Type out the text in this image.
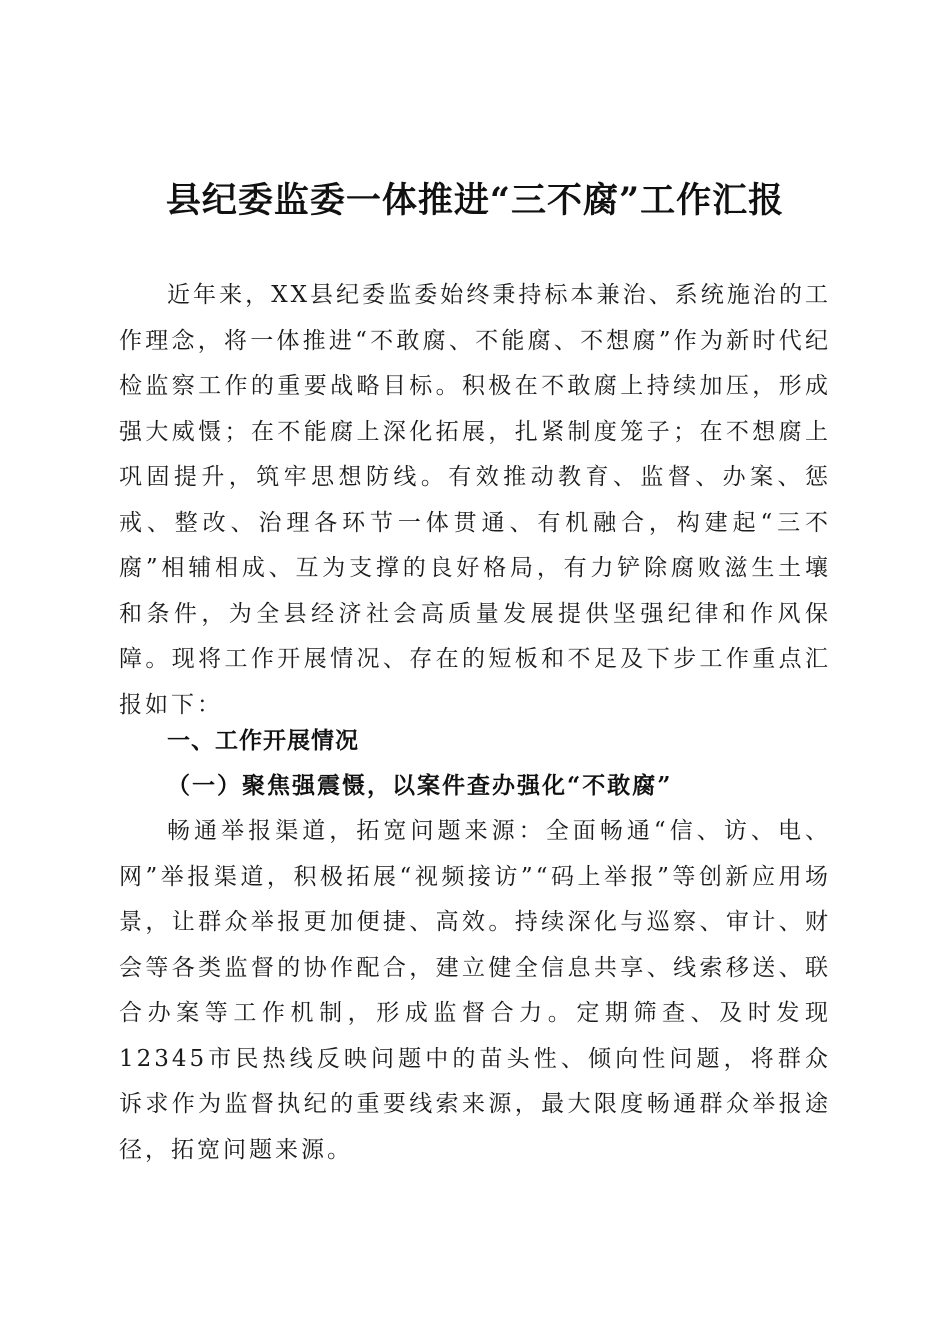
县纪委监委一体推进“三不腐”工作汇报

近年来，XX县纪委监委始终秉持标本兼治、系统施治的工作理念，将一体推进“不敢腐、不能腐、不想腐”作为新时代纪检监察工作的重要战略目标。积极在不敢腐上持续加压，形成强大威慑；在不能腐上深化拓展，扎紧制度笼子；在不想腐上巩固提升，筑牢思想防线。有效推动教育、监督、办案、惩戒、整改、治理各环节一体贯通、有机融合，构建起“三不腐”相辅相成、互为支撑的良好格局，有力铲除腐败滋生土壤和条件，为全县经济社会高质量发展提供坚强纪律和作风保障。现将工作开展情况、存在的短板和不足及下步工作重点汇报如下：

一、工作开展情况
（一）聚焦强震慑，以案件查办强化“不敢腐”

畅通举报渠道，拓宽问题来源：全面畅通“信、访、电、网”举报渠道，积极拓展“视频接访”“码上举报”等创新应用场景，让群众举报更加便捷、高效。持续深化与巡察、审计、财会等各类监督的协作配合，建立健全信息共享、线索移送、联合办案等工作机制，形成监督合力。定期筛查、及时发现12345市民热线反映问题中的苗头性、倾向性问题，将群众诉求作为监督执纪的重要线索来源，最大限度畅通群众举报途径，拓宽问题来源。
